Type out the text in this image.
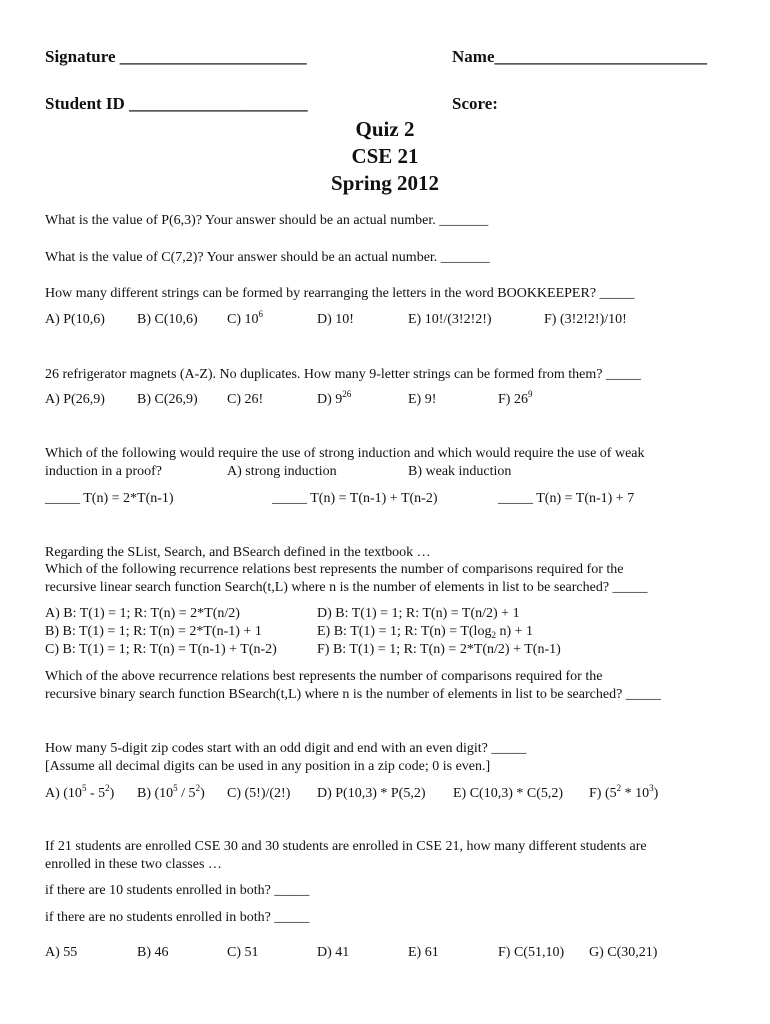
Signature ______________________	Name_________________________
Student ID _____________________	Score:
Quiz 2
CSE 21
Spring 2012
What is the value of P(6,3)? Your answer should be an actual number. _______
What is the value of C(7,2)? Your answer should be an actual number. _______
How many different strings can be formed by rearranging the letters in the word BOOKKEEPER? _____
A) P(10,6) B) C(10,6) C) $10^6$	D) 10!	E) 10!/(3!2!2!)	F) (3!2!2!)/10!
26 refrigerator magnets (A-Z). No duplicates. How many 9-letter strings can be formed from them? _____
A) P(26,9) B) C(26,9) C) 26!	D) $9^{26}$	E) 9!	F) $26^9$
Which of the following would require the use of strong induction and which would require the use of weak
induction in a proof?	A) strong induction	B) weak induction
_____ T(n) = 2*T(n-1)	_____ T(n) = T(n-1) + T(n-2)	_____ T(n) = T(n-1) + 7
Regarding the SList, Search, and BSearch defined in the textbook …
Which of the following recurrence relations best represents the number of comparisons required for the
recursive linear search function Search(t,L) where n is the number of elements in list to be searched? _____
A) B: T(1) = 1; R: T(n) = 2*T(n/2)
B) B: T(1) = 1; R: T(n) = 2*T(n-1) + 1
C) B: T(1) = 1; R: T(n) = T(n-1) + T(n-2)
D) B: T(1) = 1; R: T(n) = T(n/2) + 1
E) B: T(1) = 1; R: $T(n) = T(\log_2$ n) + 1
F) B: T(1) = 1; R: T(n) = 2*T(n/2) + T(n-1)
Which of the above recurrence relations best represents the number of comparisons required for the
recursive binary search function BSearch(t,L) where n is the number of elements in list to be searched? _____
How many 5-digit zip codes start with an odd digit and end with an even digit? _____
[Assume all decimal digits can be used in any position in a zip code; 0 is even.]
A) $(10^5 - 5^2)$ B) $(10^5 / 5^2)$ C) (5!)/(2!) D) P(10,3) * P(5,2) E) C(10,3) * C(5,2) F) $(5^2 * 10^3)$
If 21 students are enrolled CSE 30 and 30 students are enrolled in CSE 21, how many different students are
enrolled in these two classes …
if there are 10 students enrolled in both? _____
if there are no students enrolled in both? _____
A) 55	B) 46	C) 51	D) 41	E) 61	F) C(51,10) G) C(30,21)
